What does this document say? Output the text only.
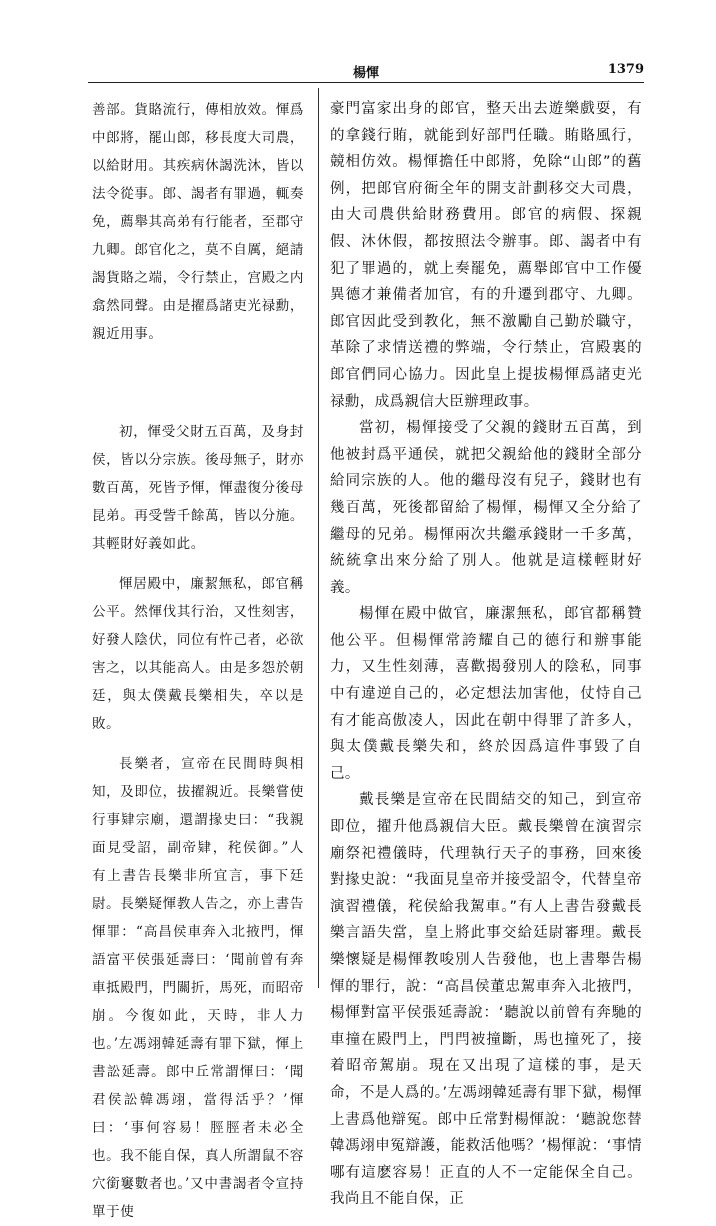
楊惲	1379

善部。貨賂流行，傳相放效。惲爲中郎將，罷山郎，移長度大司農，以給財用。其疾病休謁洗沐，皆以法令從事。郎、謁者有罪過，輒奏免，薦舉其高弟有行能者，至郡守九卿。郎官化之，莫不自厲，絕請謁貨賂之端，令行禁止，宫殿之内翕然同聲。由是擢爲諸吏光禄勳，親近用事。

初，惲受父財五百萬，及身封侯，皆以分宗族。後母無子，財亦數百萬，死皆予惲，惲盡復分後母昆弟。再受訾千餘萬，皆以分施。其輕財好義如此。

惲居殿中，廉絜無私，郎官稱公平。然惲伐其行治，又性刻害，好發人陰伏，同位有忤己者，必欲害之，以其能高人。由是多怨於朝廷，與太僕戴長樂相失，卒以是敗。

長樂者，宣帝在民間時與相知，及即位，拔擢親近。長樂嘗使行事肄宗廟，還謂掾史曰：“我親面見受詔，副帝肄，秺侯御。”人有上書告長樂非所宜言，事下廷尉。長樂疑惲教人告之，亦上書告惲罪：“高昌侯車奔入北掖門，惲語富平侯張延壽曰：‘聞前曾有奔車抵殿門，門關折，馬死，而昭帝崩。今復如此，天時，非人力也。’左馮翊韓延壽有罪下獄，惲上書訟延壽。郎中丘常謂惲曰：‘聞君侯訟韓馮翊，當得活乎？’惲曰：‘事何容易！脛脛者未必全也。我不能自保，真人所謂鼠不容穴銜窶數者也。’又中書謁者令宣持單于使

豪門富家出身的郎官，整天出去遊樂戲耍，有的拿錢行賄，就能到好部門任職。賄賂風行，競相仿效。楊惲擔任中郎將，免除“山郎”的舊例，把郎官府衙全年的開支計劃移交大司農，由大司農供給財務費用。郎官的病假、探親假、沐休假，都按照法令辦事。郎、謁者中有犯了罪過的，就上奏罷免，薦舉郎官中工作優異德才兼備者加官，有的升遷到郡守、九卿。郎官因此受到教化，無不激勵自己勤於職守，革除了求情送禮的弊端，令行禁止，宫殿裏的郎官們同心協力。因此皇上提拔楊惲爲諸吏光禄勳，成爲親信大臣辦理政事。

當初，楊惲接受了父親的錢財五百萬，到他被封爲平通侯，就把父親給他的錢財全部分給同宗族的人。他的繼母沒有兒子，錢財也有幾百萬，死後都留給了楊惲，楊惲又全分給了繼母的兄弟。楊惲兩次共繼承錢財一千多萬，統統拿出來分給了別人。他就是這樣輕財好義。

楊惲在殿中做官，廉潔無私，郎官都稱贊他公平。但楊惲常誇耀自己的德行和辦事能力，又生性刻薄，喜歡揭發別人的陰私，同事中有違逆自己的，必定想法加害他，仗恃自己有才能高傲凌人，因此在朝中得罪了許多人，與太僕戴長樂失和，終於因爲這件事毀了自己。

戴長樂是宣帝在民間結交的知己，到宣帝即位，擢升他爲親信大臣。戴長樂曾在演習宗廟祭祀禮儀時，代理執行天子的事務，回來後對掾史說：“我面見皇帝并接受詔令，代替皇帝演習禮儀，秺侯給我駕車。”有人上書告發戴長樂言語失當，皇上將此事交給廷尉審理。戴長樂懷疑是楊惲教唆別人告發他，也上書舉告楊惲的罪行，說：“高昌侯董忠駕車奔入北掖門，楊惲對富平侯張延壽說：‘聽說以前曾有奔馳的車撞在殿門上，門閂被撞斷，馬也撞死了，接着昭帝駕崩。現在又出現了這樣的事，是天命，不是人爲的。’左馮翊韓延壽有罪下獄，楊惲上書爲他辯冤。郎中丘常對楊惲說：‘聽說您替韓馮翊申冤辯護，能救活他嗎？’楊惲說：‘事情哪有這麽容易！正直的人不一定能保全自己。我尚且不能自保，正
